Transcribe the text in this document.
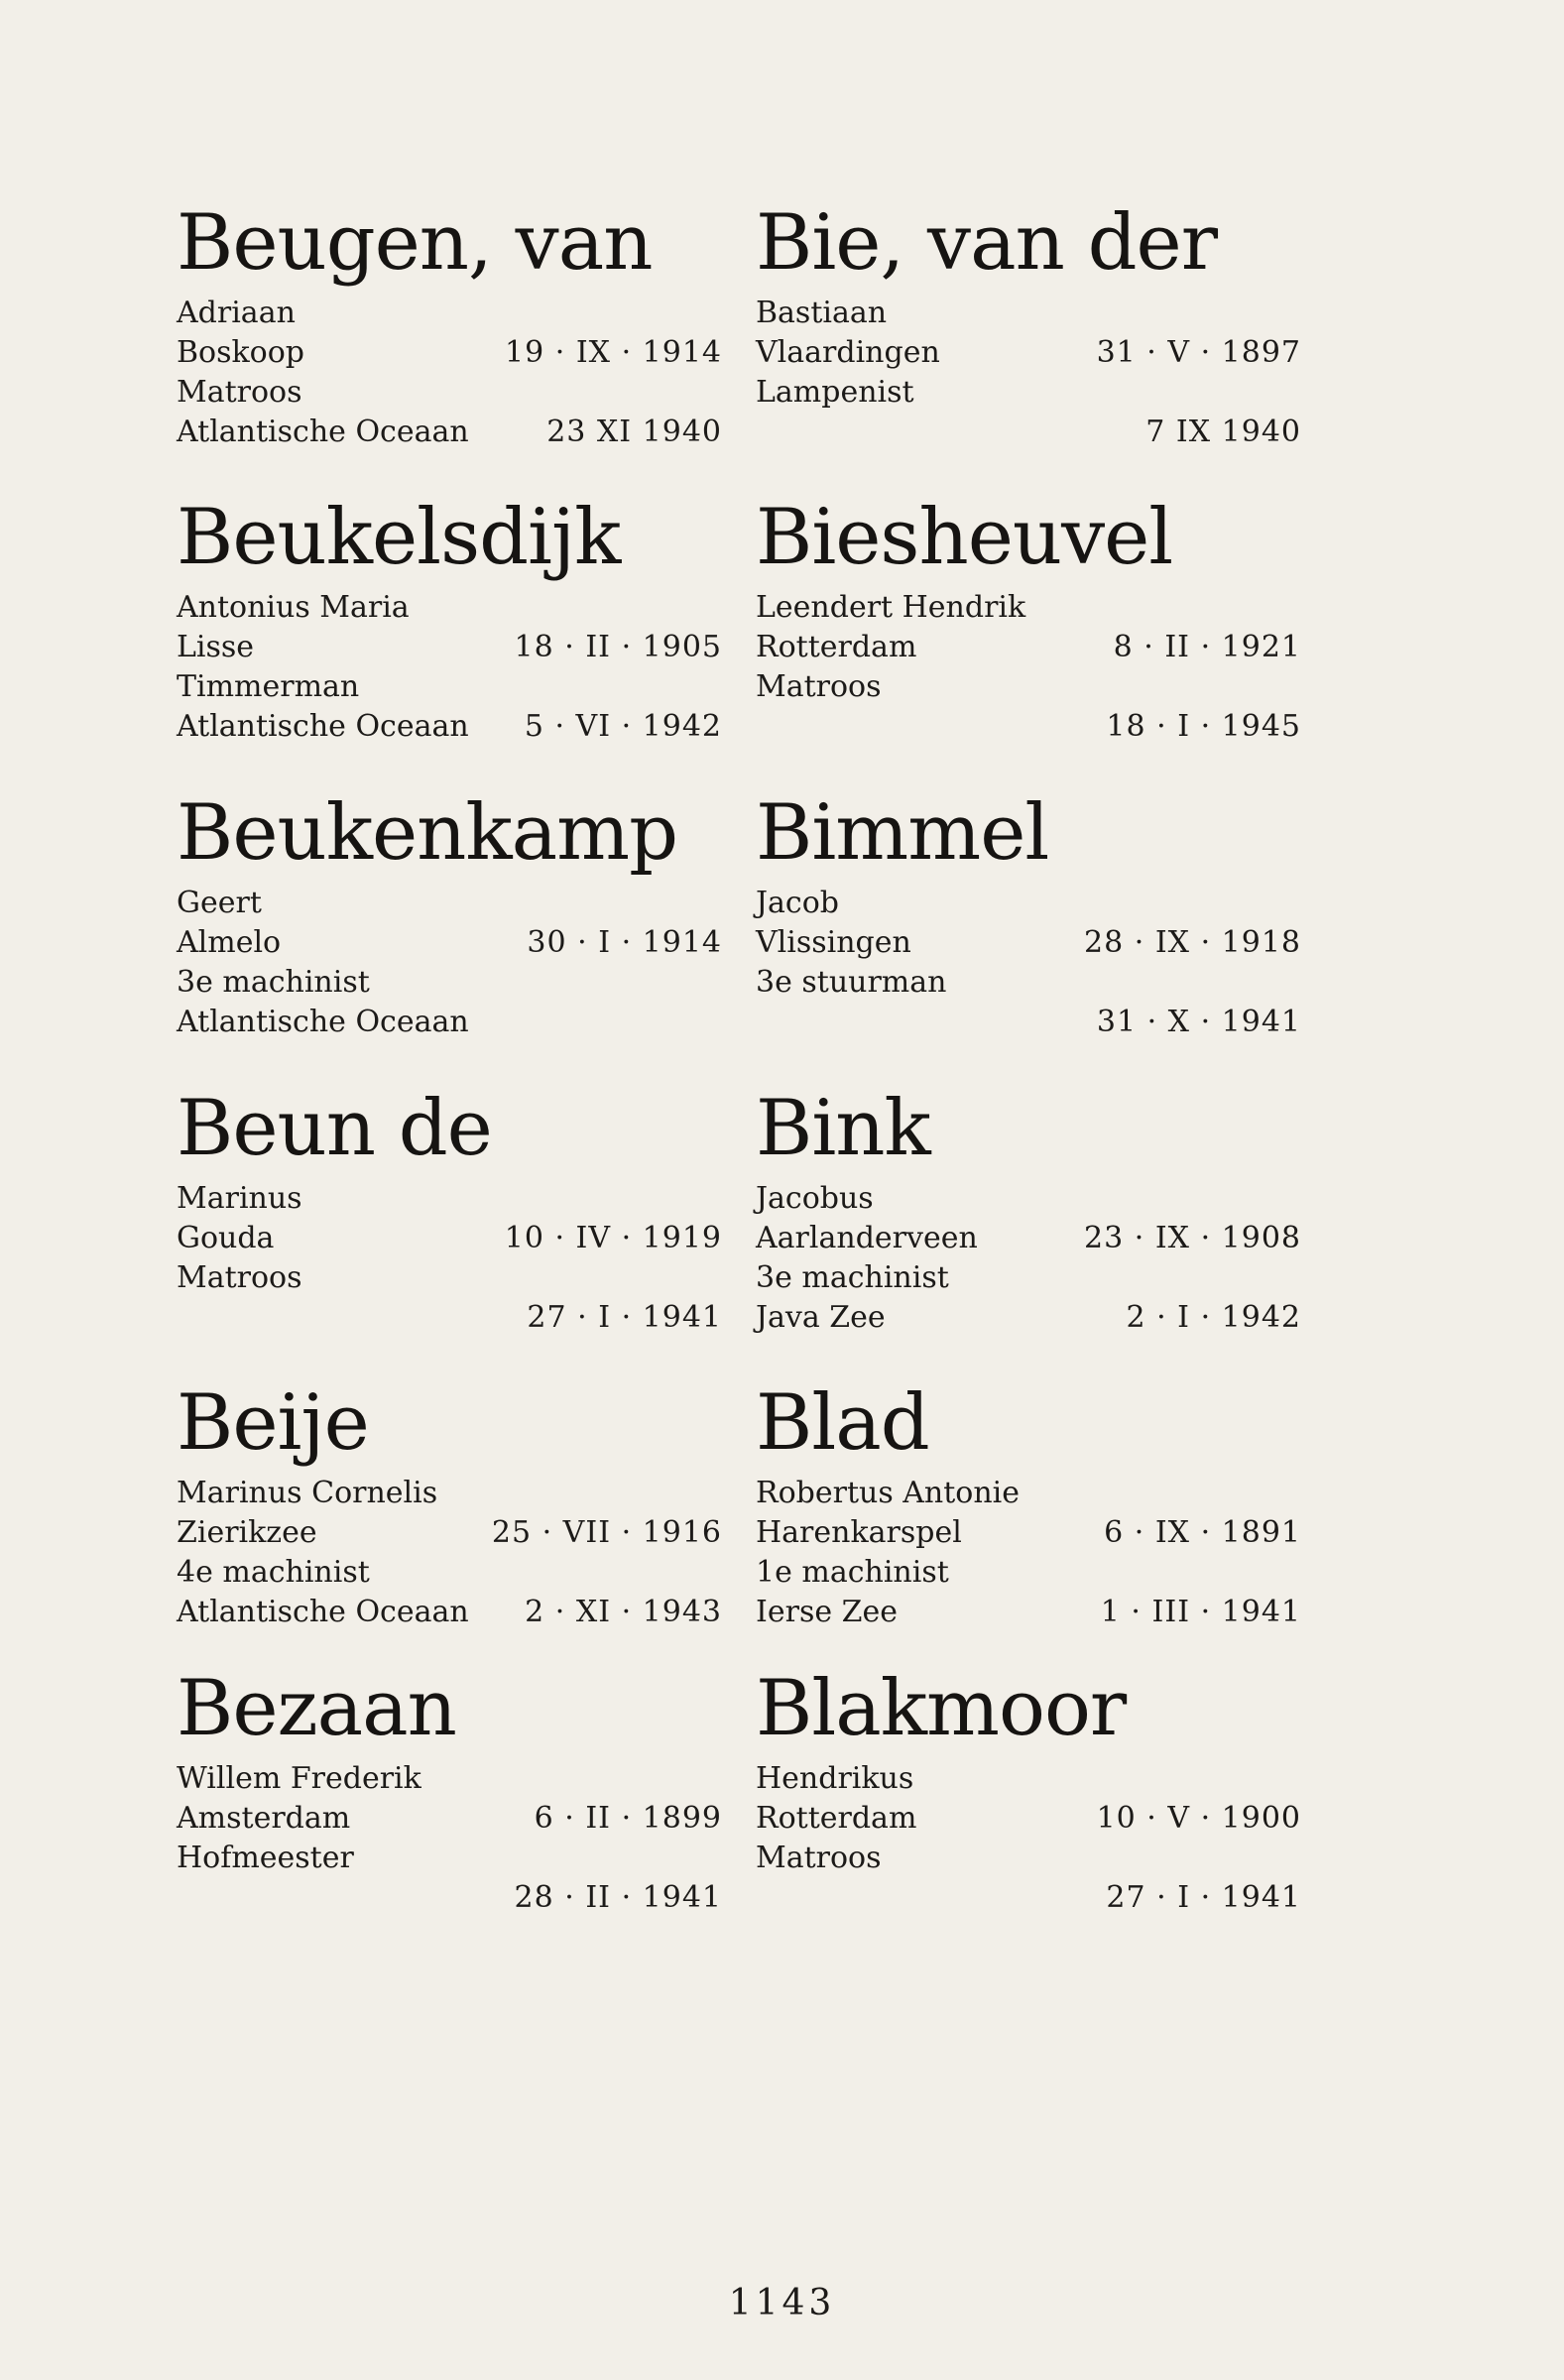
Beugen, van
Adriaan
Boskoop	19 · IX · 1914
Matroos
Atlantische Oceaan	23 XI 1940
Beukelsdijk
Antonius Maria
Lisse	18 · II · 1905
Timmerman
Atlantische Oceaan 5 · VI · 1942
Beukenkamp
Geert
Almelo	30 · I · 1914
3e machinist
Atlantische Oceaan
Beun de
Marinus
Gouda	10 · IV · 1919
Matroos
27 · I · 1941
Beije
Marinus Cornelis
Zierikzee	25 · VII · 1916
4e machinist
Atlantische Oceaan 2 · XI · 1943
Bezaan
Willem Frederik
Amsterdam	6 · II · 1899
Hofmeester
28 · II · 1941
Bie, van der
Bastiaan
Vlaardingen	31 · V · 1897
Lampenist
7 IX 1940
Biesheuvel
Leendert Hendrik
Rotterdam	8 · II · 1921
Matroos
18 · I · 1945
Bimmel
Jacob
Vlissingen	28 · IX · 1918
3e stuurman
31 · X · 1941
Bink
Jacobus
Aarlanderveen	23 · IX · 1908
3e machinist
Java Zee	2 · I · 1942
Blad
Robertus Antonie
Harenkarspel	6 · IX · 1891
1e machinist
Ierse Zee	1 · III · 1941
Blakmoor
Hendrikus
Rotterdam	10 · V · 1900
Matroos
27 · I · 1941
1143
